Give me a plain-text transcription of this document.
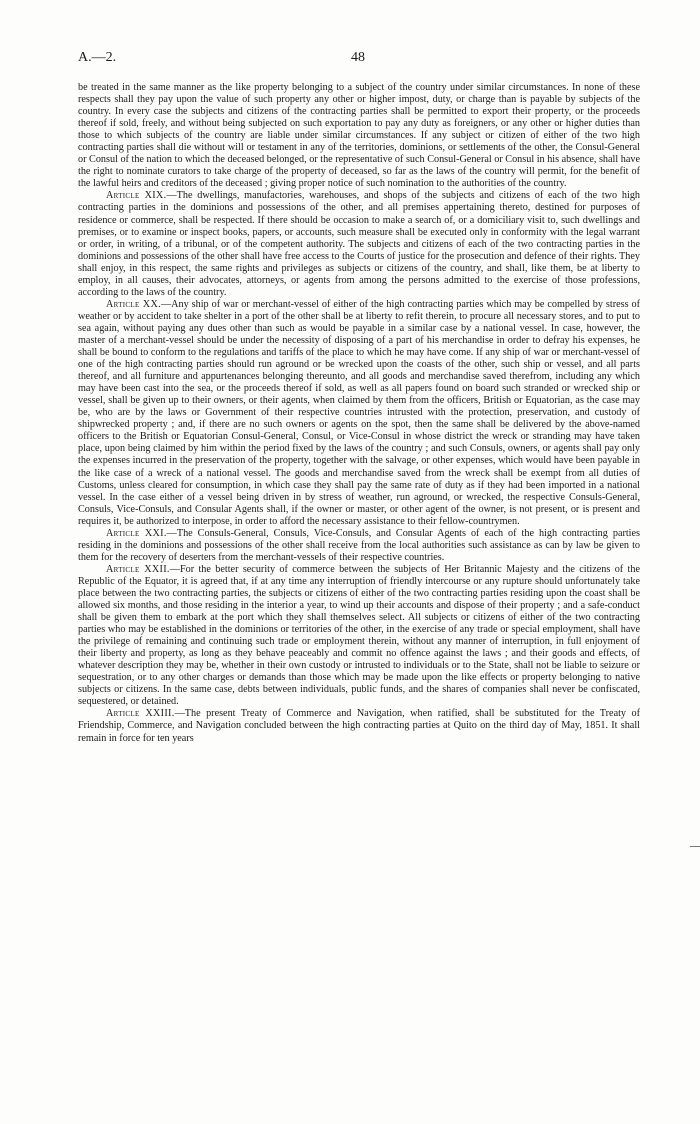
A.—2.	48

be treated in the same manner as the like property belonging to a subject of the country under similar circumstances. In none of these respects shall they pay upon the value of such property any other or higher impost, duty, or charge than is payable by subjects of the country. In every case the subjects and citizens of the contracting parties shall be permitted to export their property, or the proceeds thereof if sold, freely, and without being subjected on such exportation to pay any duty as foreigners, or any other or higher duties than those to which subjects of the country are liable under similar circumstances. If any subject or citizen of either of the two high contracting parties shall die without will or testament in any of the territories, dominions, or settlements of the other, the Consul-General or Consul of the nation to which the deceased belonged, or the representative of such Consul-General or Consul in his absence, shall have the right to nominate curators to take charge of the property of deceased, so far as the laws of the country will permit, for the benefit of the lawful heirs and creditors of the deceased ; giving proper notice of such nomination to the authorities of the country.

Article XIX.—The dwellings, manufactories, warehouses, and shops of the subjects and citizens of each of the two high contracting parties in the dominions and possessions of the other, and all premises appertaining thereto, destined for purposes of residence or commerce, shall be respected. If there should be occasion to make a search of, or a domiciliary visit to, such dwellings and premises, or to examine or inspect books, papers, or accounts, such measure shall be executed only in conformity with the legal warrant or order, in writing, of a tribunal, or of the competent authority. The subjects and citizens of each of the two contracting parties in the dominions and possessions of the other shall have free access to the Courts of justice for the prosecution and defence of their rights. They shall enjoy, in this respect, the same rights and privileges as subjects or citizens of the country, and shall, like them, be at liberty to employ, in all causes, their advocates, attorneys, or agents from among the persons admitted to the exercise of those professions, according to the laws of the country.

Article XX.—Any ship of war or merchant-vessel of either of the high contracting parties which may be compelled by stress of weather or by accident to take shelter in a port of the other shall be at liberty to refit therein, to procure all necessary stores, and to put to sea again, without paying any dues other than such as would be payable in a similar case by a national vessel. In case, however, the master of a merchant-vessel should be under the necessity of disposing of a part of his merchandise in order to defray his expenses, he shall be bound to conform to the regulations and tariffs of the place to which he may have come. If any ship of war or merchant-vessel of one of the high contracting parties should run aground or be wrecked upon the coasts of the other, such ship or vessel, and all parts thereof, and all furniture and appurtenances belonging thereunto, and all goods and merchandise saved therefrom, including any which may have been cast into the sea, or the proceeds thereof if sold, as well as all papers found on board such stranded or wrecked ship or vessel, shall be given up to their owners, or their agents, when claimed by them from the officers, British or Equatorian, as the case may be, who are by the laws or Government of their respective countries intrusted with the protection, preservation, and custody of shipwrecked property ; and, if there are no such owners or agents on the spot, then the same shall be delivered by the above-named officers to the British or Equatorian Consul-General, Consul, or Vice-Consul in whose district the wreck or stranding may have taken place, upon being claimed by him within the period fixed by the laws of the country ; and such Consuls, owners, or agents shall pay only the expenses incurred in the preservation of the property, together with the salvage, or other expenses, which would have been payable in the like case of a wreck of a national vessel. The goods and merchandise saved from the wreck shall be exempt from all duties of Customs, unless cleared for consumption, in which case they shall pay the same rate of duty as if they had been imported in a national vessel. In the case either of a vessel being driven in by stress of weather, run aground, or wrecked, the respective Consuls-General, Consuls, Vice-Consuls, and Consular Agents shall, if the owner or master, or other agent of the owner, is not present, or is present and requires it, be authorized to interpose, in order to afford the necessary assistance to their fellow-countrymen.

Article XXI.—The Consuls-General, Consuls, Vice-Consuls, and Consular Agents of each of the high contracting parties residing in the dominions and possessions of the other shall receive from the local authorities such assistance as can by law be given to them for the recovery of deserters from the merchant-vessels of their respective countries.

Article XXII.—For the better security of commerce between the subjects of Her Britannic Majesty and the citizens of the Republic of the Equator, it is agreed that, if at any time any interruption of friendly intercourse or any rupture should unfortunately take place between the two contracting parties, the subjects or citizens of either of the two contracting parties residing upon the coast shall be allowed six months, and those residing in the interior a year, to wind up their accounts and dispose of their property ; and a safe-conduct shall be given them to embark at the port which they shall themselves select. All subjects or citizens of either of the two contracting parties who may be established in the dominions or territories of the other, in the exercise of any trade or special employment, shall have the privilege of remaining and continuing such trade or employment therein, without any manner of interruption, in full enjoyment of their liberty and property, as long as they behave peaceably and commit no offence against the laws ; and their goods and effects, of whatever description they may be, whether in their own custody or intrusted to individuals or to the State, shall not be liable to seizure or sequestration, or to any other charges or demands than those which may be made upon the like effects or property belonging to native subjects or citizens. In the same case, debts between individuals, public funds, and the shares of companies shall never be confiscated, sequestered, or detained.

Article XXIII.—The present Treaty of Commerce and Navigation, when ratified, shall be substituted for the Treaty of Friendship, Commerce, and Navigation concluded between the high contracting parties at Quito on the third day of May, 1851. It shall remain in force for ten years
